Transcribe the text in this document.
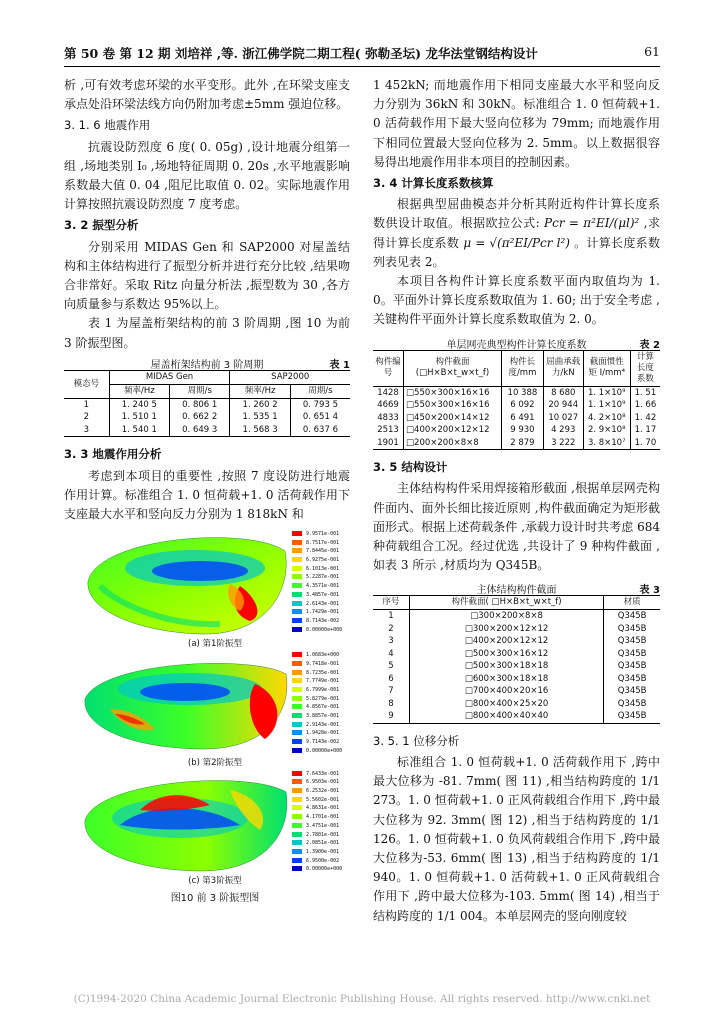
第 50 卷 第 12 期 刘培祥 ,等. 浙江佛学院二期工程( 弥勒圣坛) 龙华法堂钢结构设计	61

析 ,可有效考虑环梁的水平变形。此外 ,在环梁支座支承点处沿环梁法线方向仍附加考虑±5mm 强迫位移。

3. 1. 6 地震作用

抗震设防烈度 6 度( 0. 05g) ,设计地震分组第一组 ,场地类别 I₀ ,场地特征周期 0. 20s ,水平地震影响系数最大值 0. 04 ,阻尼比取值 0. 02。实际地震作用计算按照抗震设防烈度 7 度考虑。

3. 2 振型分析

分别采用 MIDAS Gen 和 SAP2000 对屋盖结构和主体结构进行了振型分析并进行充分比较 ,结果吻合非常好。采取 Ritz 向量分析法 ,振型数为 30 ,各方向质量参与系数达 95%以上。

表 1 为屋盖桁架结构的前 3 阶周期 ,图 10 为前 3 阶振型图。

屋盖桁架结构前 3 阶周期	表 1
模态号	MIDAS Gen		SAP2000	
	频率/Hz	周期/s	频率/Hz	周期/s
1	1. 240 5	0. 806 1	1. 260 2	0. 793 5
2	1. 510 1	0. 662 2	1. 535 1	0. 651 4
3	1. 540 1	0. 649 3	1. 568 3	0. 637 6

3. 3 地震作用分析

考虑到本项目的重要性 ,按照 7 度设防进行地震作用计算。标准组合 1. 0 恒荷载+1. 0 活荷载作用下支座最大水平和竖向反力分别为 1 818kN 和

	9.9571e-001
	8.7517e-001
	7.8445e-001
	6.9275e-001
	6.1013e-001
	5.2287e-001
	4.3571e-001
	3.4857e-001
	2.6143e-001
	1.7429e-001
	8.7143e-002
	0.00000e+000
(a) 第1阶振型
	1.0683e+000
	9.7418e-001
	8.7235e-001
	7.7749e-001
	6.7999e-001
	5.8279e-001
	4.8567e-001
	3.8857e-001
	2.9143e-001
	1.9428e-001
	9.7143e-002
	0.00000e+000
(b) 第2阶振型
	7.6433e-001
	6.9503e-001
	6.2532e-001
	5.5602e-001
	4.8631e-001
	4.1701e-001
	3.4751e-001
	2.7801e-001
	2.0851e-001
	1.3900e-001
	6.9500e-002
	0.00000e+000
(c) 第3阶振型
图10 前 3 阶振型图

1 452kN; 而地震作用下相同支座最大水平和竖向反力分别为 36kN 和 30kN。标准组合 1. 0 恒荷载+1. 0 活荷载作用下最大竖向位移为 79mm; 而地震作用下相同位置最大竖向位移为 2. 5mm。以上数据很容易得出地震作用非本项目的控制因素。

3. 4 计算长度系数核算

根据典型屈曲模态并分析其附近构件计算长度系数供设计取值。根据欧拉公式: Pcr = π²EI/(μl)² ,求得计算长度系数 μ = √(π²EI/Pcr l²) 。计算长度系数列表见表 2。

本项目各构件计算长度系数平面内取值均为 1. 0。平面外计算长度系数取值为 1. 60; 出于安全考虑 ,关键构件平面外计算长度系数取值为 2. 0。

单层网壳典型构件计算长度系数	表 2
构件编号	构件截面 (□H×B×t_w×t_f)	构件长度/mm	屈曲承载力/kN	截面惯性矩 I/mm⁴	计算长度系数
1428	□550×300×16×16	10 388	8 680	1. 1×10⁹	1. 51
4669	□550×300×16×16	6 092	20 944	1. 1×10⁹	1. 66
4833	□450×200×14×12	6 491	10 027	4. 2×10⁸	1. 42
2513	□400×200×12×12	9 930	4 293	2. 9×10⁸	1. 17
1901	□200×200×8×8	2 879	3 222	3. 8×10⁷	1. 70

3. 5 结构设计

主体结构构件采用焊接箱形截面 ,根据单层网壳构件面内、面外长细比接近原则 ,构件截面确定为矩形截面形式。根据上述荷载条件 ,承载力设计时共考虑 684 种荷载组合工况。经过优选 ,共设计了 9 种构件截面 ,如表 3 所示 ,材质均为 Q345B。

主体结构构件截面	表 3
序号	构件截面( □H×B×t_w×t_f)	材质
1	□300×200×8×8	Q345B
2	□300×200×12×12	Q345B
3	□400×200×12×12	Q345B
4	□500×300×16×12	Q345B
5	□500×300×18×18	Q345B
6	□600×300×18×18	Q345B
7	□700×400×20×16	Q345B
8	□800×400×25×20	Q345B
9	□800×400×40×40	Q345B

3. 5. 1 位移分析

标准组合 1. 0 恒荷载+1. 0 活荷载作用下 ,跨中最大位移为 -81. 7mm( 图 11) ,相当结构跨度的 1/1 273。1. 0 恒荷载+1. 0 正风荷载组合作用下 ,跨中最大位移为 92. 3mm( 图 12) ,相当于结构跨度的 1/1 126。1. 0 恒荷载+1. 0 负风荷载组合作用下 ,跨中最大位移为-53. 6mm( 图 13) ,相当于结构跨度的 1/1 940。1. 0 恒荷载+1. 0 活荷载+1. 0 正风荷载组合作用下 ,跨中最大位移为-103. 5mm( 图 14) ,相当于结构跨度的 1/1 004。本单层网壳的竖向刚度较

(C)1994-2020 China Academic Journal Electronic Publishing House. All rights reserved. http://www.cnki.net
